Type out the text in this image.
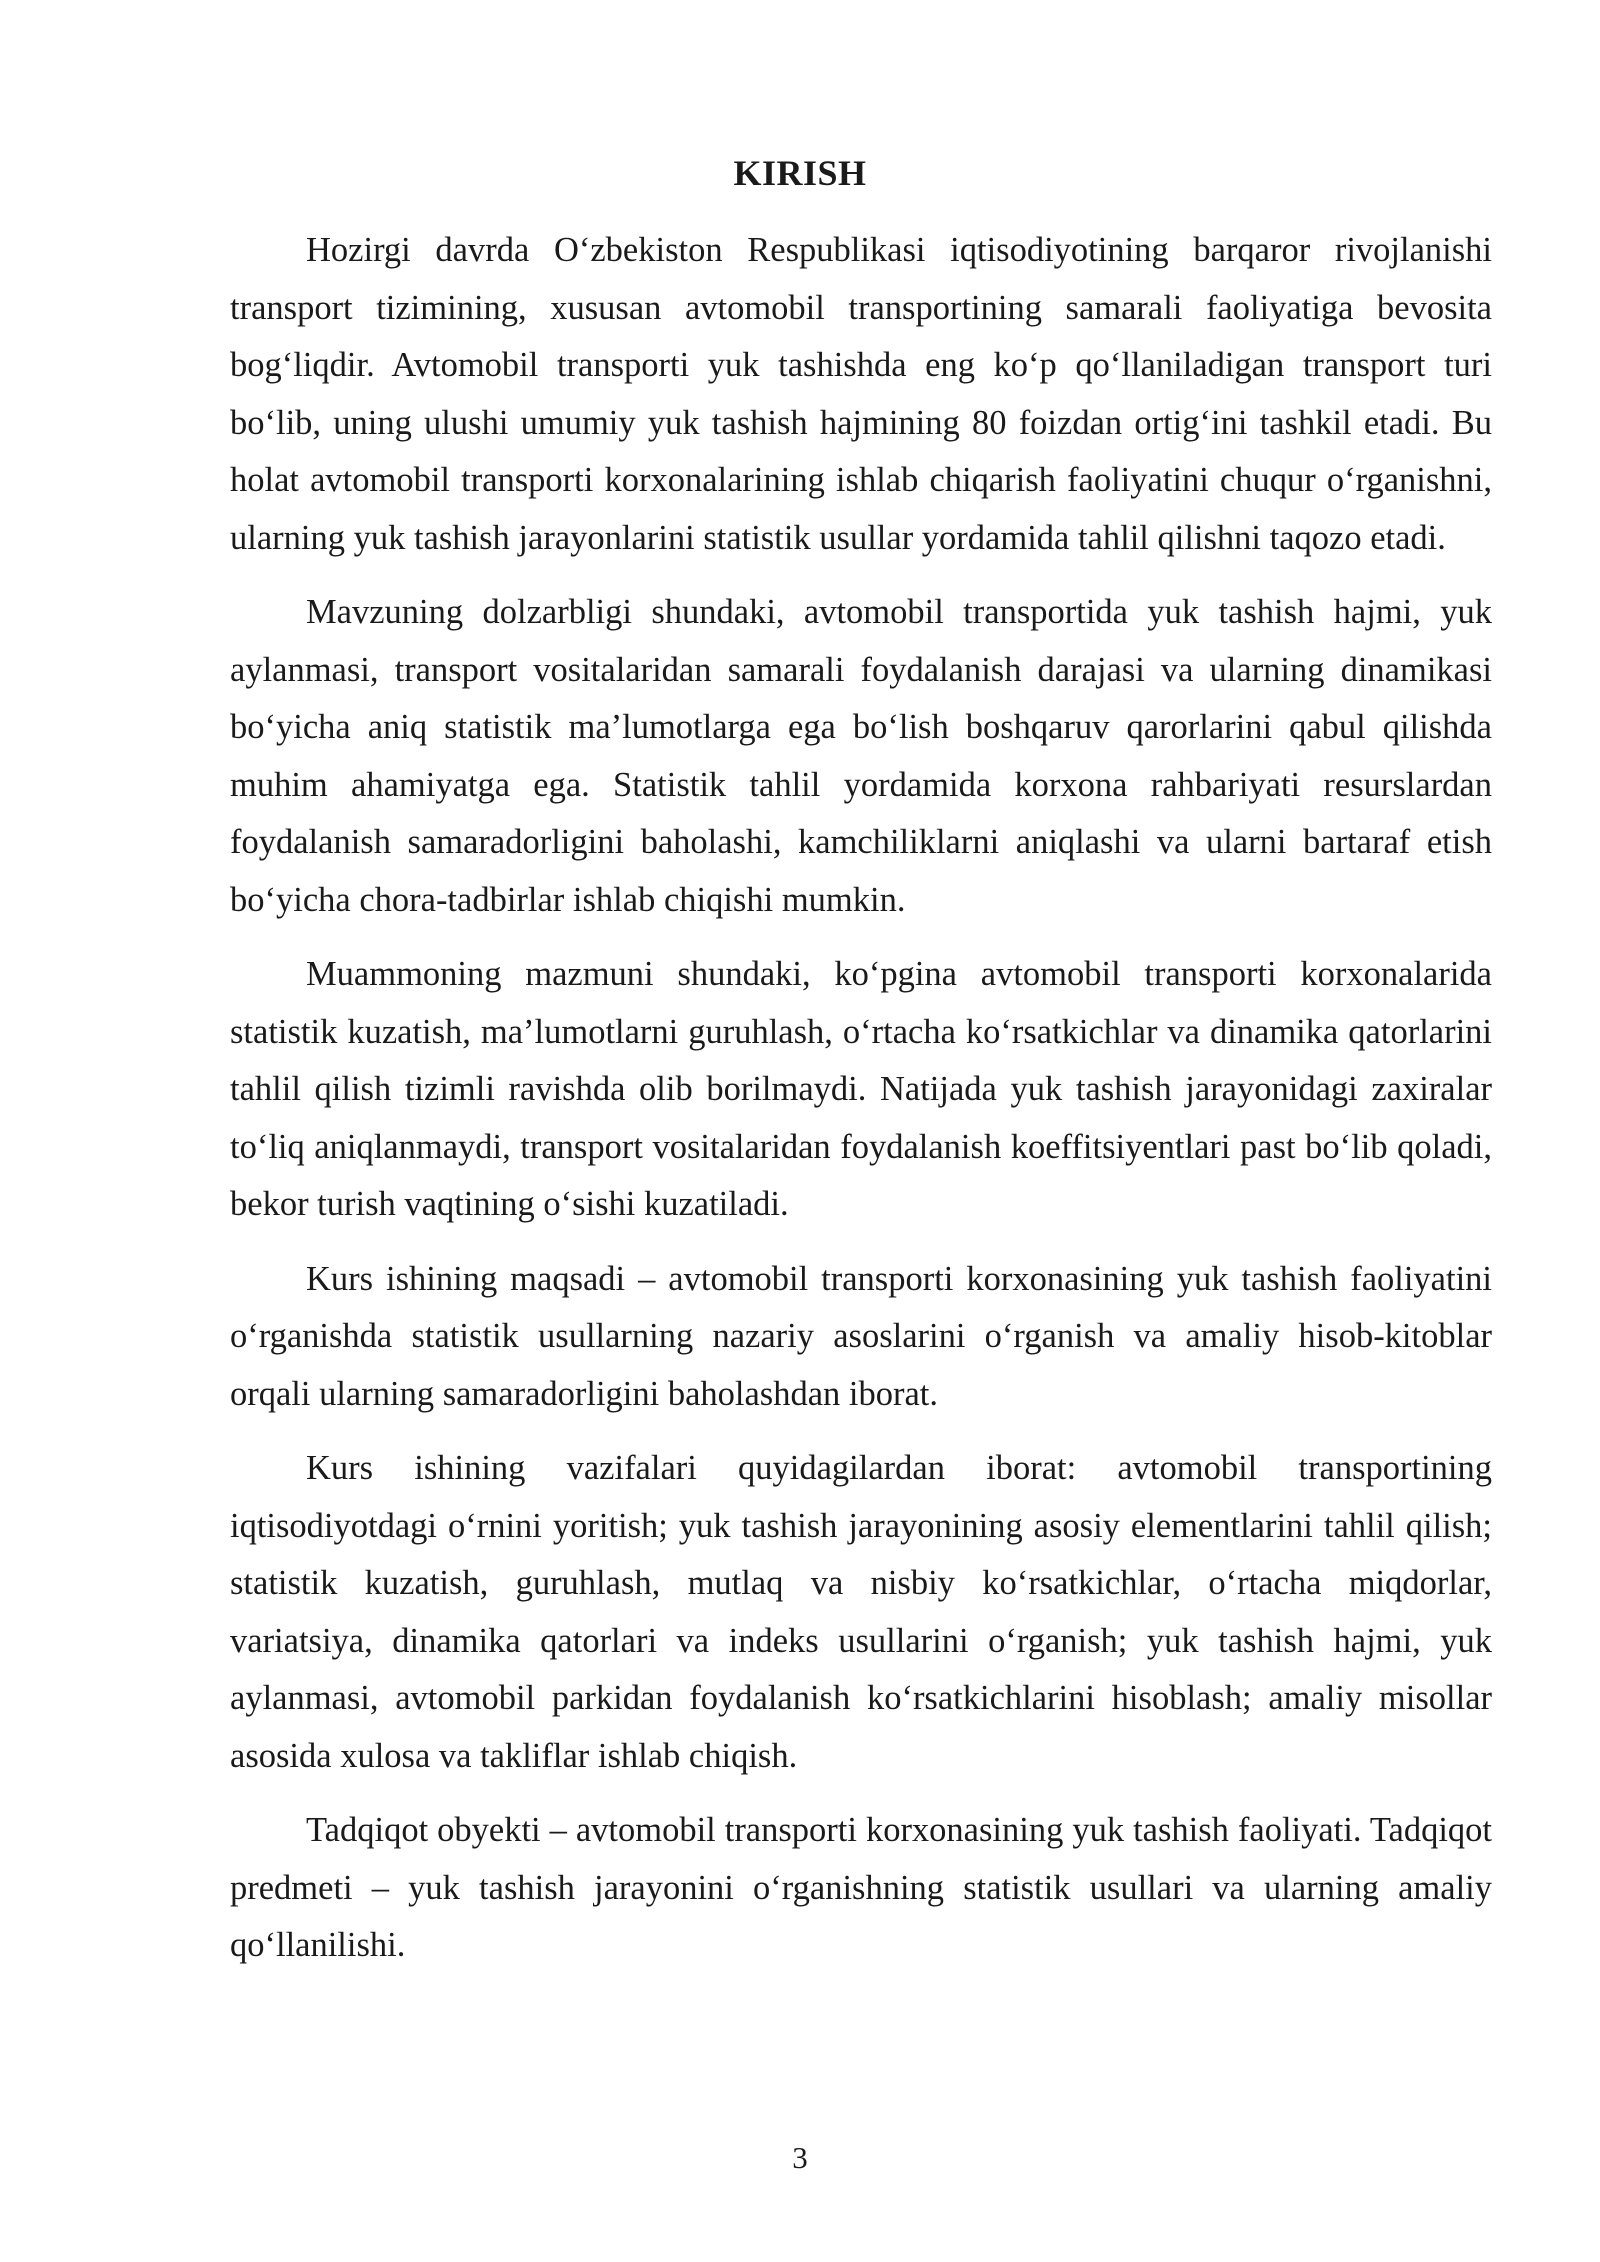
KIRISH

Hozirgi davrda O‘zbekiston Respublikasi iqtisodiyotining barqaror rivojlanishi transport tizimining, xususan avtomobil transportining samarali faoliyatiga bevosita bog‘liqdir. Avtomobil transporti yuk tashishda eng ko‘p qo‘llaniladigan transport turi bo‘lib, uning ulushi umumiy yuk tashish hajmining 80 foizdan ortig‘ini tashkil etadi. Bu holat avtomobil transporti korxonalarining ishlab chiqarish faoliyatini chuqur o‘rganishni, ularning yuk tashish jarayonlarini statistik usullar yordamida tahlil qilishni taqozo etadi.

Mavzuning dolzarbligi shundaki, avtomobil transportida yuk tashish hajmi, yuk aylanmasi, transport vositalaridan samarali foydalanish darajasi va ularning dinamikasi bo‘yicha aniq statistik ma’lumotlarga ega bo‘lish boshqaruv qarorlarini qabul qilishda muhim ahamiyatga ega. Statistik tahlil yordamida korxona rahbariyati resurslardan foydalanish samaradorligini baholashi, kamchiliklarni aniqlashi va ularni bartaraf etish bo‘yicha chora-tadbirlar ishlab chiqishi mumkin.

Muammoning mazmuni shundaki, ko‘pgina avtomobil transporti korxonalarida statistik kuzatish, ma’lumotlarni guruhlash, o‘rtacha ko‘rsatkichlar va dinamika qatorlarini tahlil qilish tizimli ravishda olib borilmaydi. Natijada yuk tashish jarayonidagi zaxiralar to‘liq aniqlanmaydi, transport vositalaridan foydalanish koeffitsiyentlari past bo‘lib qoladi, bekor turish vaqtining o‘sishi kuzatiladi.

Kurs ishining maqsadi – avtomobil transporti korxonasining yuk tashish faoliyatini o‘rganishda statistik usullarning nazariy asoslarini o‘rganish va amaliy hisob-kitoblar orqali ularning samaradorligini baholashdan iborat.

Kurs ishining vazifalari quyidagilardan iborat: avtomobil transportining iqtisodiyotdagi o‘rnini yoritish; yuk tashish jarayonining asosiy elementlarini tahlil qilish; statistik kuzatish, guruhlash, mutlaq va nisbiy ko‘rsatkichlar, o‘rtacha miqdorlar, variatsiya, dinamika qatorlari va indeks usullarini o‘rganish; yuk tashish hajmi, yuk aylanmasi, avtomobil parkidan foydalanish ko‘rsatkichlarini hisoblash; amaliy misollar asosida xulosa va takliflar ishlab chiqish.

Tadqiqot obyekti – avtomobil transporti korxonasining yuk tashish faoliyati. Tadqiqot predmeti – yuk tashish jarayonini o‘rganishning statistik usullari va ularning amaliy qo‘llanilishi.

3
